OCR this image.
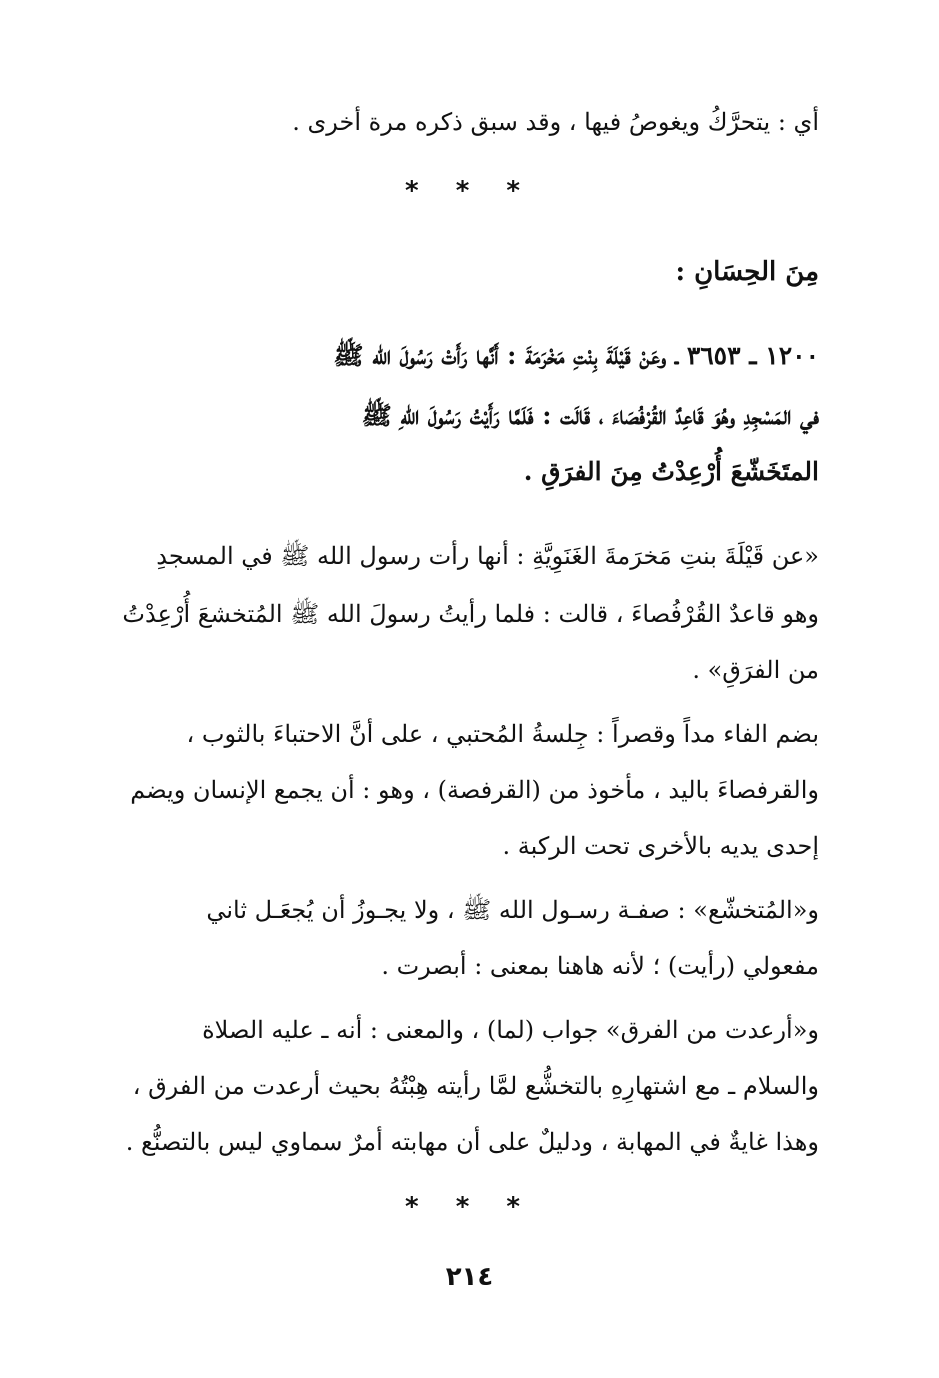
أي : يتحرَّكُ ويغوصُ فيها ، وقد سبق ذكره مرة أخرى .

* * *

مِنَ الحِسَانِ :

١٢٠٠ ـ ٣٦٥٣ ـ وعَنْ قَيْلَةَ بِنْتِ مَخْرَمَةَ : أَنَّها رَأَتْ رَسُولَ الله ﷺ

في المَسْجِدِ وهُوَ قَاعِدٌ القُرْفُصَاءَ ، قَالَت : فَلَمَّا رَأَيْتُ رَسُولَ اللهِ ﷺ

المتَخَشّعَ أُرْعِدْتُ مِنَ الفرَقِ .

«عن قَيْلَةَ بنتِ مَخرَمةَ الغَنَوِيَّةِ : أنها رأت رسول الله ﷺ في المسجدِ

وهو قاعدٌ القُرْفُصاءَ ، قالت : فلما رأيتُ رسولَ الله ﷺ المُتخشعَ أُرْعِدْتُ

من الفرَقِ» .

بضم الفاء مداً وقصراً : جِلسةُ المُحتبي ، على أنَّ الاحتباءَ بالثوب ،

والقرفصاءَ باليد ، مأخوذ من (القرفصة) ، وهو : أن يجمع الإنسان ويضم

إحدى يديه بالأخرى تحت الركبة .

و«المُتخشّع» : صفـة رسـول الله ﷺ ، ولا يجـوزُ أن يُجعَـل ثاني

مفعولي (رأيت) ؛ لأنه هاهنا بمعنى : أبصرت .

و«أرعدت من الفرق» جواب (لما) ، والمعنى : أنه ـ عليه الصلاة

والسلام ـ مع اشتهارِهِ بالتخشُّع لمَّا رأيته هِبْتُهُ بحيث أرعدت من الفرق ،

وهذا غايةٌ في المهابة ، ودليلٌ على أن مهابته أمرٌ سماوي ليس بالتصنُّع .

* * *
٢١٤
